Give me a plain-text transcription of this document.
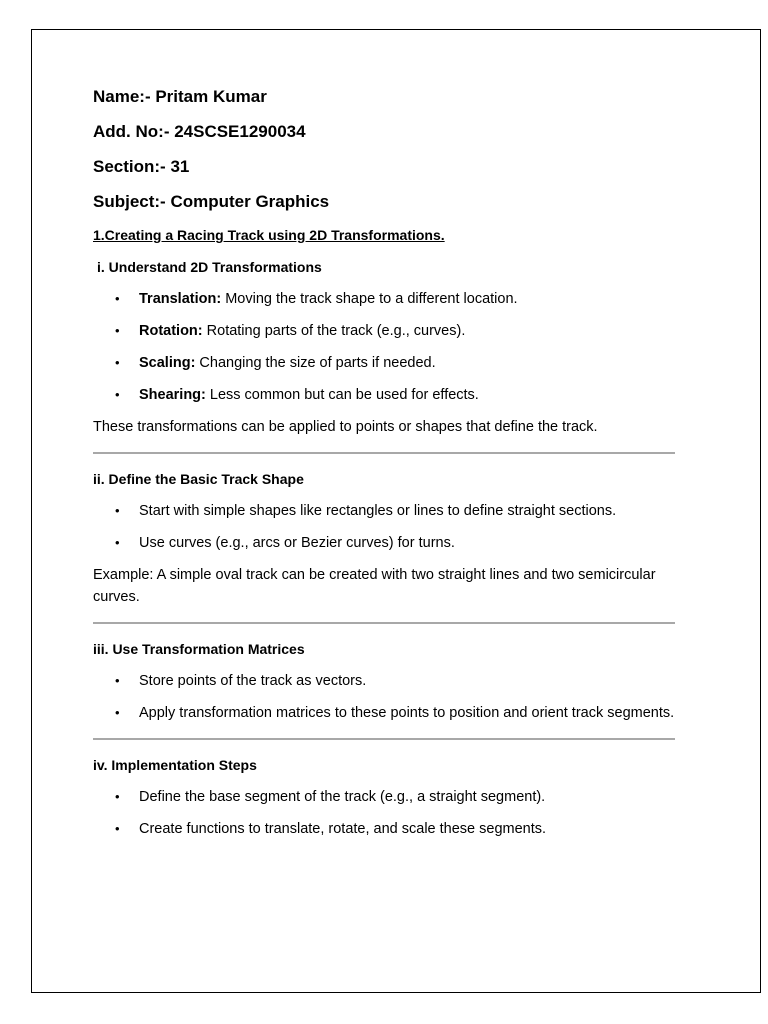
Name:- Pritam Kumar
Add. No:- 24SCSE1290034
Section:- 31
Subject:- Computer Graphics
1.Creating a Racing Track using 2D Transformations.
i. Understand 2D Transformations
• Translation: Moving the track shape to a different location.
• Rotation: Rotating parts of the track (e.g., curves).
• Scaling: Changing the size of parts if needed.
• Shearing: Less common but can be used for effects.
These transformations can be applied to points or shapes that define the track.
ii. Define the Basic Track Shape
• Start with simple shapes like rectangles or lines to define straight sections.
• Use curves (e.g., arcs or Bezier curves) for turns.
Example: A simple oval track can be created with two straight lines and two semicircular curves.
iii. Use Transformation Matrices
• Store points of the track as vectors.
• Apply transformation matrices to these points to position and orient track segments.
iv. Implementation Steps
• Define the base segment of the track (e.g., a straight segment).
• Create functions to translate, rotate, and scale these segments.
